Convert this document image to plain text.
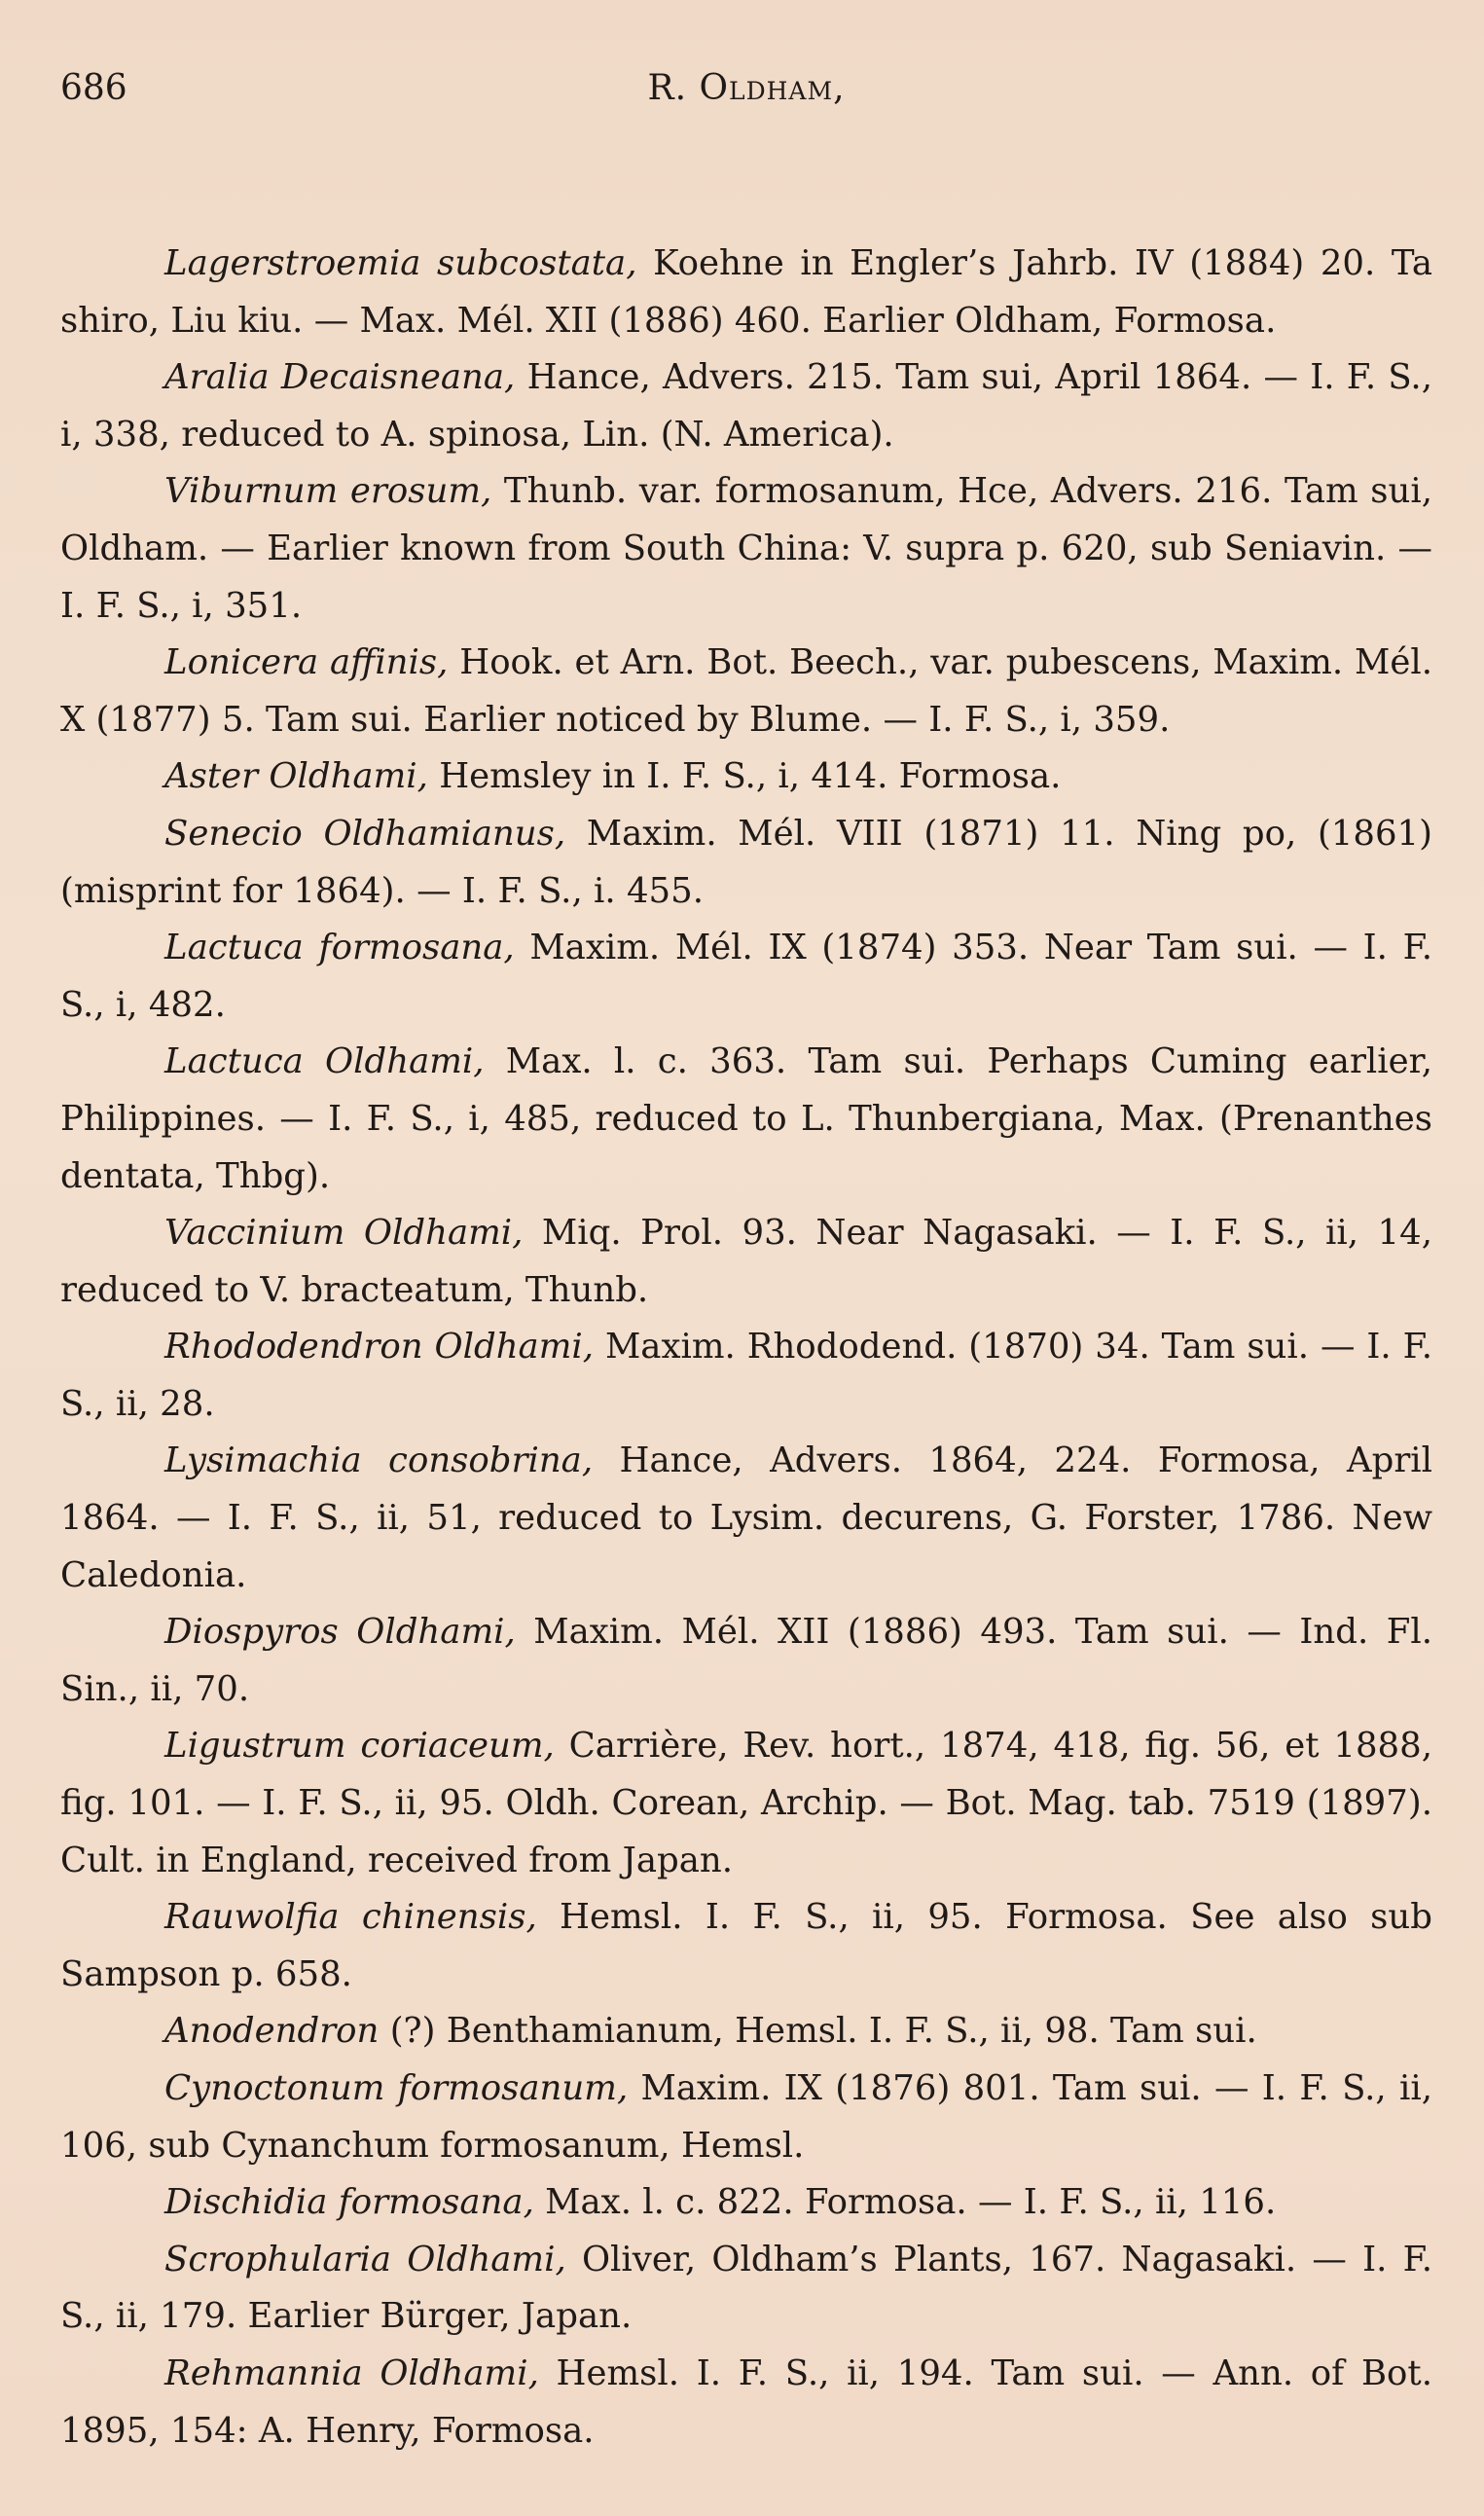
686	R. Oldham,

Lagerstroemia subcostata, Koehne in Engler’s Jahrb. IV (1884) 20. Ta shiro, Liu kiu. — Max. Mél. XII (1886) 460. Earlier Oldham, Formosa.

Aralia Decaisneana, Hance, Advers. 215. Tam sui, April 1864. — I. F. S., i, 338, reduced to A. spinosa, Lin. (N. America).

Viburnum erosum, Thunb. var. formosanum, Hce, Advers. 216. Tam sui, Oldham. — Earlier known from South China: V. supra p. 620, sub Seniavin. — I. F. S., i, 351.

Lonicera affinis, Hook. et Arn. Bot. Beech., var. pubescens, Maxim. Mél. X (1877) 5. Tam sui. Earlier noticed by Blume. — I. F. S., i, 359.

Aster Oldhami, Hemsley in I. F. S., i, 414. Formosa.

Senecio Oldhamianus, Maxim. Mél. VIII (1871) 11. Ning po, (1861) (misprint for 1864). — I. F. S., i. 455.

Lactuca formosana, Maxim. Mél. IX (1874) 353. Near Tam sui. — I. F. S., i, 482.

Lactuca Oldhami, Max. l. c. 363. Tam sui. Perhaps Cuming earlier, Philippines. — I. F. S., i, 485, reduced to L. Thunbergiana, Max. (Prenanthes dentata, Thbg).

Vaccinium Oldhami, Miq. Prol. 93. Near Nagasaki. — I. F. S., ii, 14, reduced to V. bracteatum, Thunb.

Rhododendron Oldhami, Maxim. Rhododend. (1870) 34. Tam sui. — I. F. S., ii, 28.

Lysimachia consobrina, Hance, Advers. 1864, 224. Formosa, April 1864. — I. F. S., ii, 51, reduced to Lysim. decurens, G. Forster, 1786. New Caledonia.

Diospyros Oldhami, Maxim. Mél. XII (1886) 493. Tam sui. — Ind. Fl. Sin., ii, 70.

Ligustrum coriaceum, Carrière, Rev. hort., 1874, 418, fig. 56, et 1888, fig. 101. — I. F. S., ii, 95. Oldh. Corean, Archip. — Bot. Mag. tab. 7519 (1897). Cult. in England, received from Japan.

Rauwolfia chinensis, Hemsl. I. F. S., ii, 95. Formosa. See also sub Sampson p. 658.

Anodendron (?) Benthamianum, Hemsl. I. F. S., ii, 98. Tam sui.

Cynoctonum formosanum, Maxim. IX (1876) 801. Tam sui. — I. F. S., ii, 106, sub Cynanchum formosanum, Hemsl.

Dischidia formosana, Max. l. c. 822. Formosa. — I. F. S., ii, 116.

Scrophularia Oldhami, Oliver, Oldham’s Plants, 167. Nagasaki. — I. F. S., ii, 179. Earlier Bürger, Japan.

Rehmannia Oldhami, Hemsl. I. F. S., ii, 194. Tam sui. — Ann. of Bot. 1895, 154: A. Henry, Formosa.
